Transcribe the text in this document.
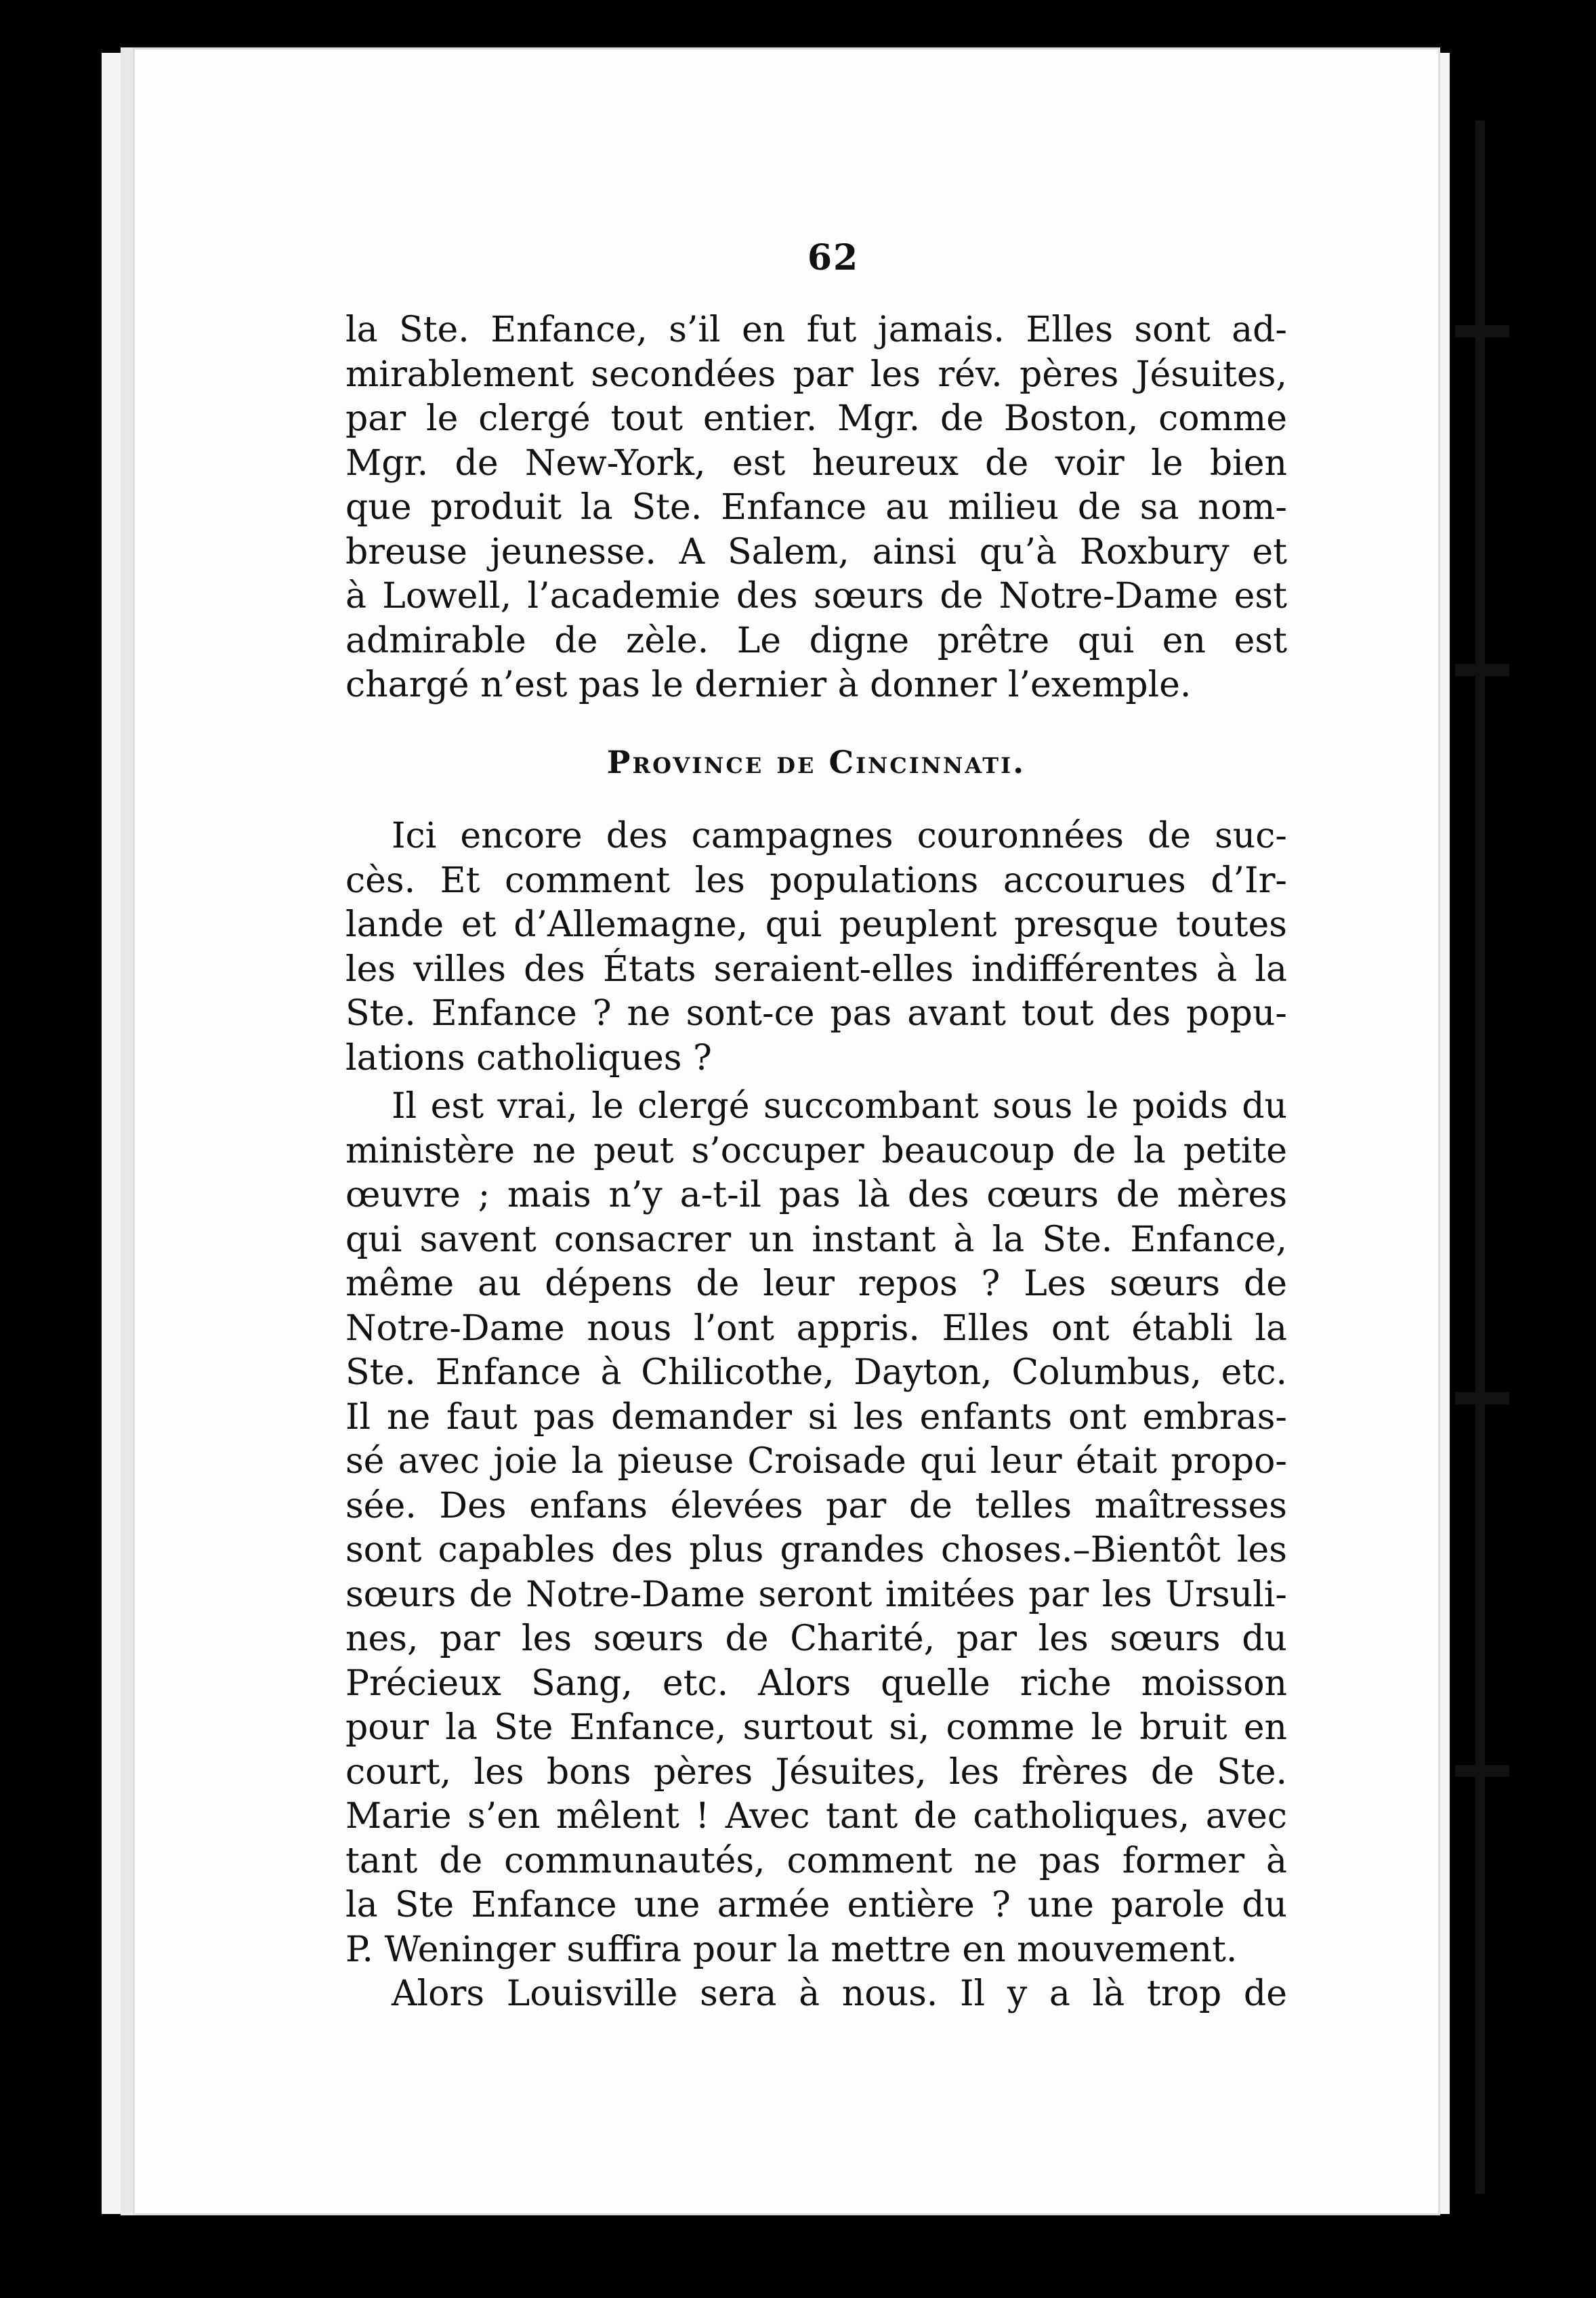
62
la Ste. Enfance, s’il en fut jamais. Elles sont ad-
mirablement secondées par les rév. pères Jésuites,
par le clergé tout entier. Mgr. de Boston, comme
Mgr. de New-York, est heureux de voir le bien
que produit la Ste. Enfance au milieu de sa nom-
breuse jeunesse. A Salem, ainsi qu’à Roxbury et
à Lowell, l’academie des sœurs de Notre-Dame est
admirable de zèle. Le digne prêtre qui en est
chargé n’est pas le dernier à donner l’exemple.
Province de Cincinnati.
Ici encore des campagnes couronnées de suc-
cès. Et comment les populations accourues d’Ir-
lande et d’Allemagne, qui peuplent presque toutes
les villes des États seraient-elles indifférentes à la
Ste. Enfance ? ne sont-ce pas avant tout des popu-
lations catholiques ?
Il est vrai, le clergé succombant sous le poids du
ministère ne peut s’occuper beaucoup de la petite
œuvre ; mais n’y a-t-il pas là des cœurs de mères
qui savent consacrer un instant à la Ste. Enfance,
même au dépens de leur repos ? Les sœurs de
Notre-Dame nous l’ont appris. Elles ont établi la
Ste. Enfance à Chilicothe, Dayton, Columbus, etc.
Il ne faut pas demander si les enfants ont embras-
sé avec joie la pieuse Croisade qui leur était propo-
sée. Des enfans élevées par de telles maîtresses
sont capables des plus grandes choses.–Bientôt les
sœurs de Notre-Dame seront imitées par les Ursuli-
nes, par les sœurs de Charité, par les sœurs du
Précieux Sang, etc. Alors quelle riche moisson
pour la Ste Enfance, surtout si, comme le bruit en
court, les bons pères Jésuites, les frères de Ste.
Marie s’en mêlent ! Avec tant de catholiques, avec
tant de communautés, comment ne pas former à
la Ste Enfance une armée entière ? une parole du
P. Weninger suffira pour la mettre en mouvement.
Alors Louisville sera à nous. Il y a là trop de
